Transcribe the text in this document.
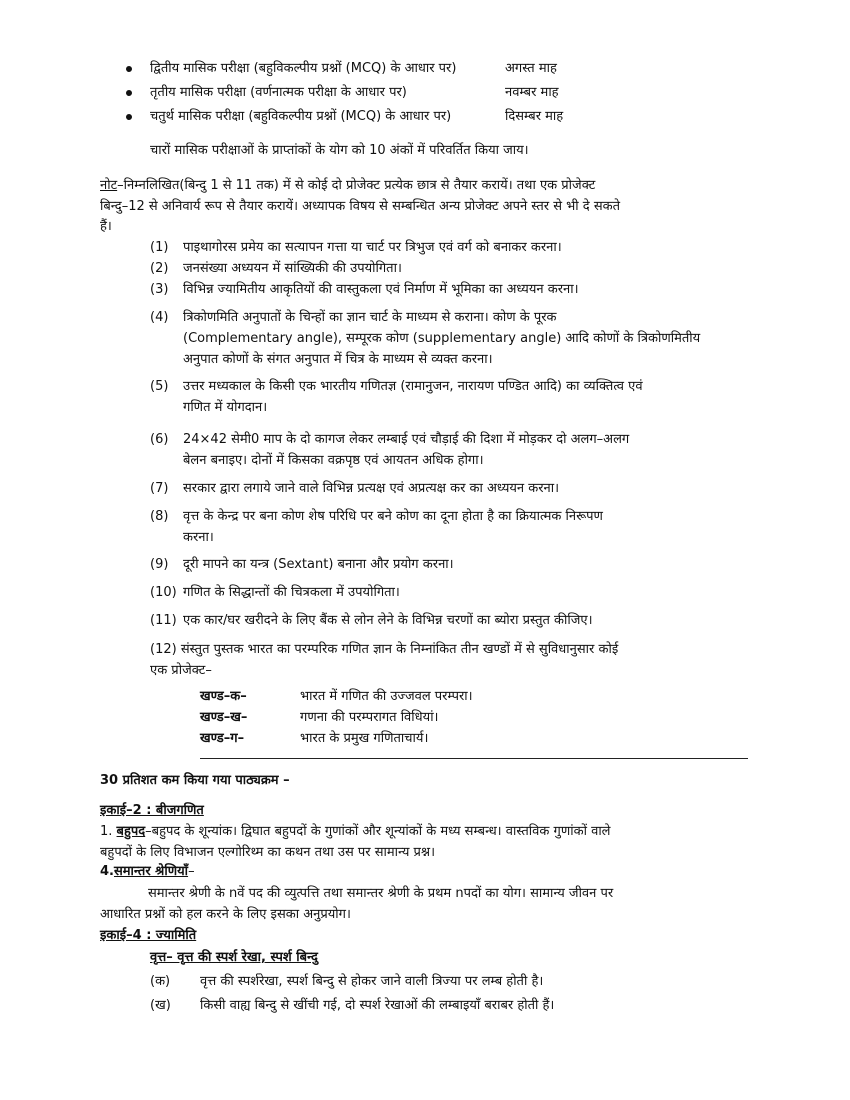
द्वितीय मासिक परीक्षा (बहुविकल्पीय प्रश्नों (MCQ) के आधार पर)	अगस्त माह
तृतीय मासिक परीक्षा (वर्णनात्मक परीक्षा के आधार पर)	नवम्बर माह
चतुर्थ मासिक परीक्षा (बहुविकल्पीय प्रश्नों (MCQ) के आधार पर)	दिसम्बर माह
चारों मासिक परीक्षाओं के प्राप्तांकों के योग को 10 अंकों में परिवर्तित किया जाय।
नोट–निम्नलिखित(बिन्दु 1 से 11 तक) में से कोई दो प्रोजेक्ट प्रत्येक छात्र से तैयार करायें। तथा एक प्रोजेक्ट
बिन्दु–12 से अनिवार्य रूप से तैयार करायें। अध्यापक विषय से सम्बन्धित अन्य प्रोजेक्ट अपने स्तर से भी दे सकते
हैं।
(1) पाइथागोरस प्रमेय का सत्यापन गत्ता या चार्ट पर त्रिभुज एवं वर्ग को बनाकर करना।
(2) जनसंख्या अध्ययन में सांख्यिकी की उपयोगिता।
(3) विभिन्न ज्यामितीय आकृतियों की वास्तुकला एवं निर्माण में भूमिका का अध्ययन करना।
(4) त्रिकोणमिति अनुपातों के चिन्हों का ज्ञान चार्ट के माध्यम से कराना। कोण के पूरक
(Complementary angle), सम्पूरक कोण (supplementary angle) आदि कोणों के त्रिकोणमितीय
अनुपात कोणों के संगत अनुपात में चित्र के माध्यम से व्यक्त करना।
(5) उत्तर मध्यकाल के किसी एक भारतीय गणितज्ञ (रामानुजन, नारायण पण्डित आदि) का व्यक्तित्व एवं
गणित में योगदान।
(6) 24×42 सेमी0 माप के दो कागज लेकर लम्बाई एवं चौड़ाई की दिशा में मोड़कर दो अलग–अलग
बेलन बनाइए। दोनों में किसका वक्रपृष्ठ एवं आयतन अधिक होगा।
(7) सरकार द्वारा लगाये जाने वाले विभिन्न प्रत्यक्ष एवं अप्रत्यक्ष कर का अध्ययन करना।
(8) वृत्त के केन्द्र पर बना कोण शेष परिधि पर बने कोण का दूना होता है का क्रियात्मक निरूपण
करना।
(9) दूरी मापने का यन्त्र (Sextant) बनाना और प्रयोग करना।
(10) गणित के सिद्धान्तों की चित्रकला में उपयोगिता।
(11) एक कार/घर खरीदने के लिए बैंक से लोन लेने के विभिन्न चरणों का ब्योरा प्रस्तुत कीजिए।
(12) संस्तुत पुस्तक भारत का परम्परिक गणित ज्ञान के निम्नांकित तीन खण्डों में से सुविधानुसार कोई
एक प्रोजेक्ट–
खण्ड–क–	भारत में गणित की उज्जवल परम्परा।
खण्ड–ख–	गणना की परम्परागत विधियां।
खण्ड–ग–	भारत के प्रमुख गणिताचार्य।
30 प्रतिशत कम किया गया पाठ्यक्रम –
इकाई–2 : बीजगणित
1. बहुपद–बहुपद के शून्यांक। द्विघात बहुपदों के गुणांकों और शून्यांकों के मध्य सम्बन्ध। वास्तविक गुणांकों वाले
बहुपदों के लिए विभाजन एल्गोरिथ्म का कथन तथा उस पर सामान्य प्रश्न।
4.समान्तर श्रेणियाँ–
समान्तर श्रेणी के nवें पद की व्युत्पत्ति तथा समान्तर श्रेणी के प्रथम nपदों का योग। सामान्य जीवन पर
आधारित प्रश्नों को हल करने के लिए इसका अनुप्रयोग।
इकाई–4 : ज्यामिति
वृत्त– वृत्त की स्पर्श रेखा, स्पर्श बिन्दु
(क) वृत्त की स्पर्शरेखा, स्पर्श बिन्दु से होकर जाने वाली त्रिज्या पर लम्ब होती है।
(ख) किसी वाह्य बिन्दु से खींची गई, दो स्पर्श रेखाओं की लम्बाइयाँ बराबर होती हैं।
